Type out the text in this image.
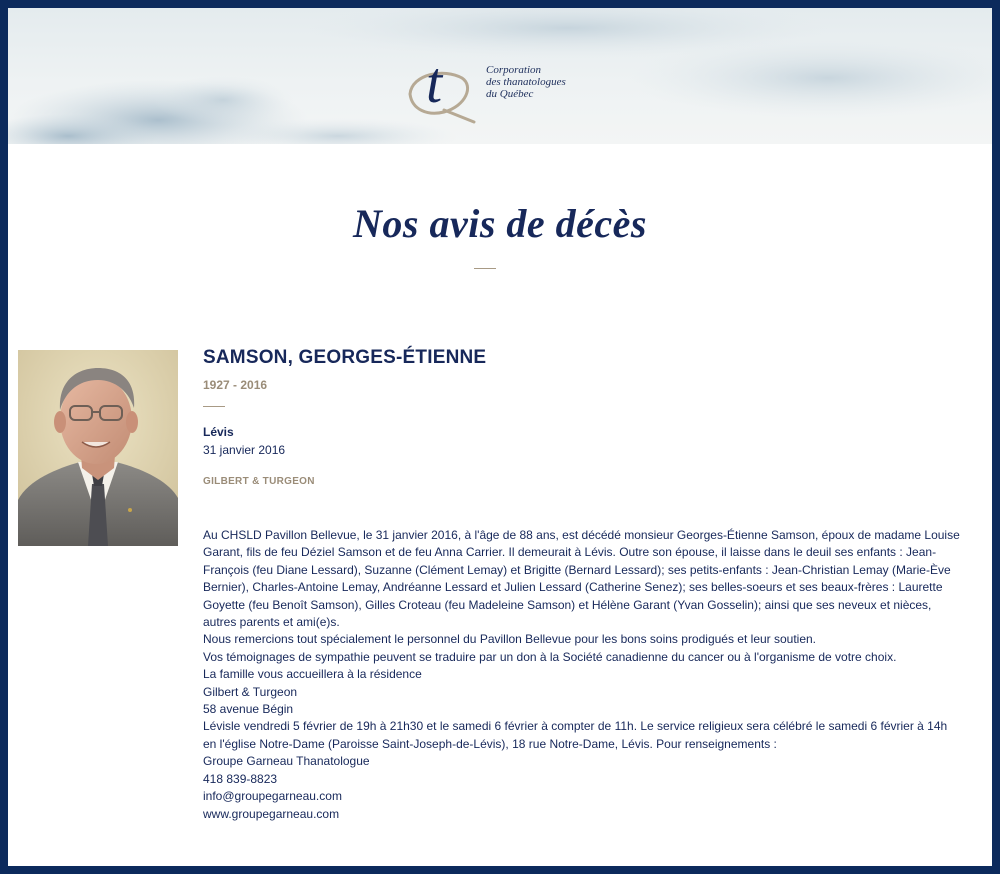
t	Corporation
des thanatologues
du Québec
Nos avis de décès
SAMSON, GEORGES-ÉTIENNE
1927 - 2016
Lévis
31 janvier 2016
GILBERT & TURGEON

Au CHSLD Pavillon Bellevue, le 31 janvier 2016, à l'âge de 88 ans, est décédé monsieur Georges-Étienne Samson, époux de madame Louise Garant, fils de feu Déziel Samson et de feu Anna Carrier. Il demeurait à Lévis. Outre son épouse, il laisse dans le deuil ses enfants : Jean-François (feu Diane Lessard), Suzanne (Clément Lemay) et Brigitte (Bernard Lessard); ses petits-enfants : Jean-Christian Lemay (Marie-Ève Bernier), Charles-Antoine Lemay, Andréanne Lessard et Julien Lessard (Catherine Senez); ses belles-soeurs et ses beaux-frères : Laurette Goyette (feu Benoît Samson), Gilles Croteau (feu Madeleine Samson) et Hélène Garant (Yvan Gosselin); ainsi que ses neveux et nièces, autres parents et ami(e)s.

Nous remercions tout spécialement le personnel du Pavillon Bellevue pour les bons soins prodigués et leur soutien.

Vos témoignages de sympathie peuvent se traduire par un don à la Société canadienne du cancer ou à l'organisme de votre choix.

La famille vous accueillera à la résidence

Gilbert & Turgeon

58 avenue Bégin

Lévisle vendredi 5 février de 19h à 21h30 et le samedi 6 février à compter de 11h. Le service religieux sera célébré le samedi 6 février à 14h en l'église Notre-Dame (Paroisse Saint-Joseph-de-Lévis), 18 rue Notre-Dame, Lévis. Pour renseignements :

Groupe Garneau Thanatologue

418 839-8823

info@groupegarneau.com

www.groupegarneau.com
